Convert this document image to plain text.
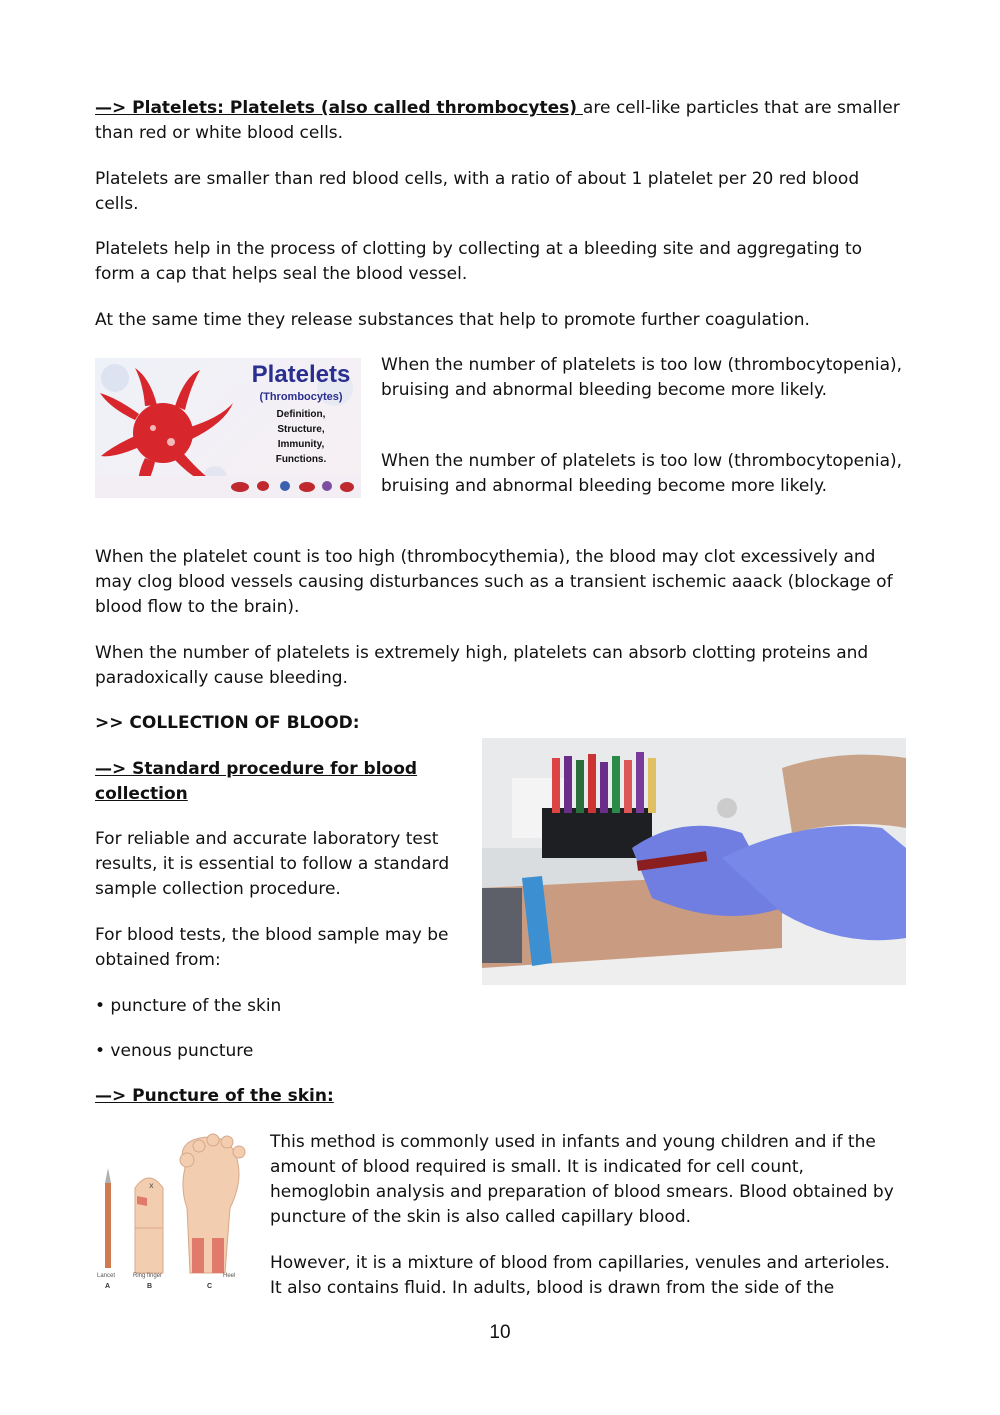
—> Platelets: Platelets (also called thrombocytes) are cell-like particles that are smaller than red or white blood cells.

Platelets are smaller than red blood cells, with a ratio of about 1 platelet per 20 red blood cells.

Platelets help in the process of clotting by collecting at a bleeding site and aggregating to form a cap that helps seal the blood vessel.

At the same time they release substances that help to promote further coagulation.

Platelets
(Thrombocytes)
Definition,
Structure,
Immunity,
Functions.

When the number of platelets is too low (thrombocytopenia), bruising and abnormal bleeding become more likely.

When the number of platelets is too low (thrombocytopenia), bruising and abnormal bleeding become more likely.

When the platelet count is too high (thrombocythemia), the blood may clot excessively and may clog blood vessels causing disturbances such as a transient ischemic aaack (blockage of blood flow to the brain).

When the number of platelets is extremely high, platelets can absorb clotting proteins and paradoxically cause bleeding.

>> COLLECTION OF BLOOD:

—> Standard procedure for blood collection

For reliable and accurate laboratory test results, it is essential to follow a standard sample collection procedure.

For blood tests, the blood sample may be obtained from:

• puncture of the skin

• venous puncture

—> Puncture of the skin:

x
Lancet	Ring finger	Heel
A	B	C

This method is commonly used in infants and young children and if the amount of blood required is small. It is indicated for cell count, hemoglobin analysis and preparation of blood smears. Blood obtained by puncture of the skin is also called capillary blood.

However, it is a mixture of blood from capillaries, venules and arterioles. It also contains fluid. In adults, blood is drawn from the side of the

10
